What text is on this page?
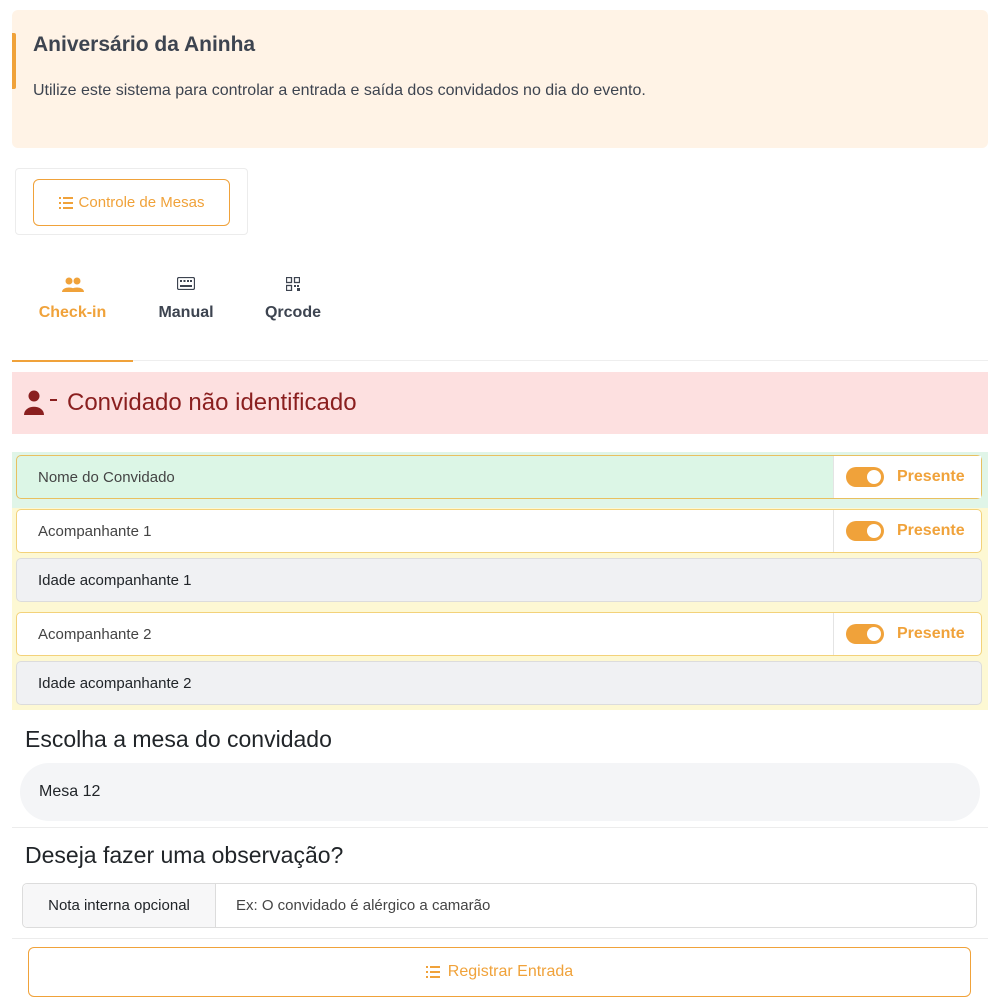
Aniversário da Aninha
Utilize este sistema para controlar a entrada e saída dos convidados no dia do evento.
Controle de Mesas
Check-in	Manual	Qrcode
Convidado não identificado
Nome do Convidado	Presente
Acompanhante 1	Presente
Idade acompanhante 1
Acompanhante 2	Presente
Idade acompanhante 2
Escolha a mesa do convidado
Mesa 12
Deseja fazer uma observação?
Nota interna opcional
Ex: O convidado é alérgico a camarão
Registrar Entrada
